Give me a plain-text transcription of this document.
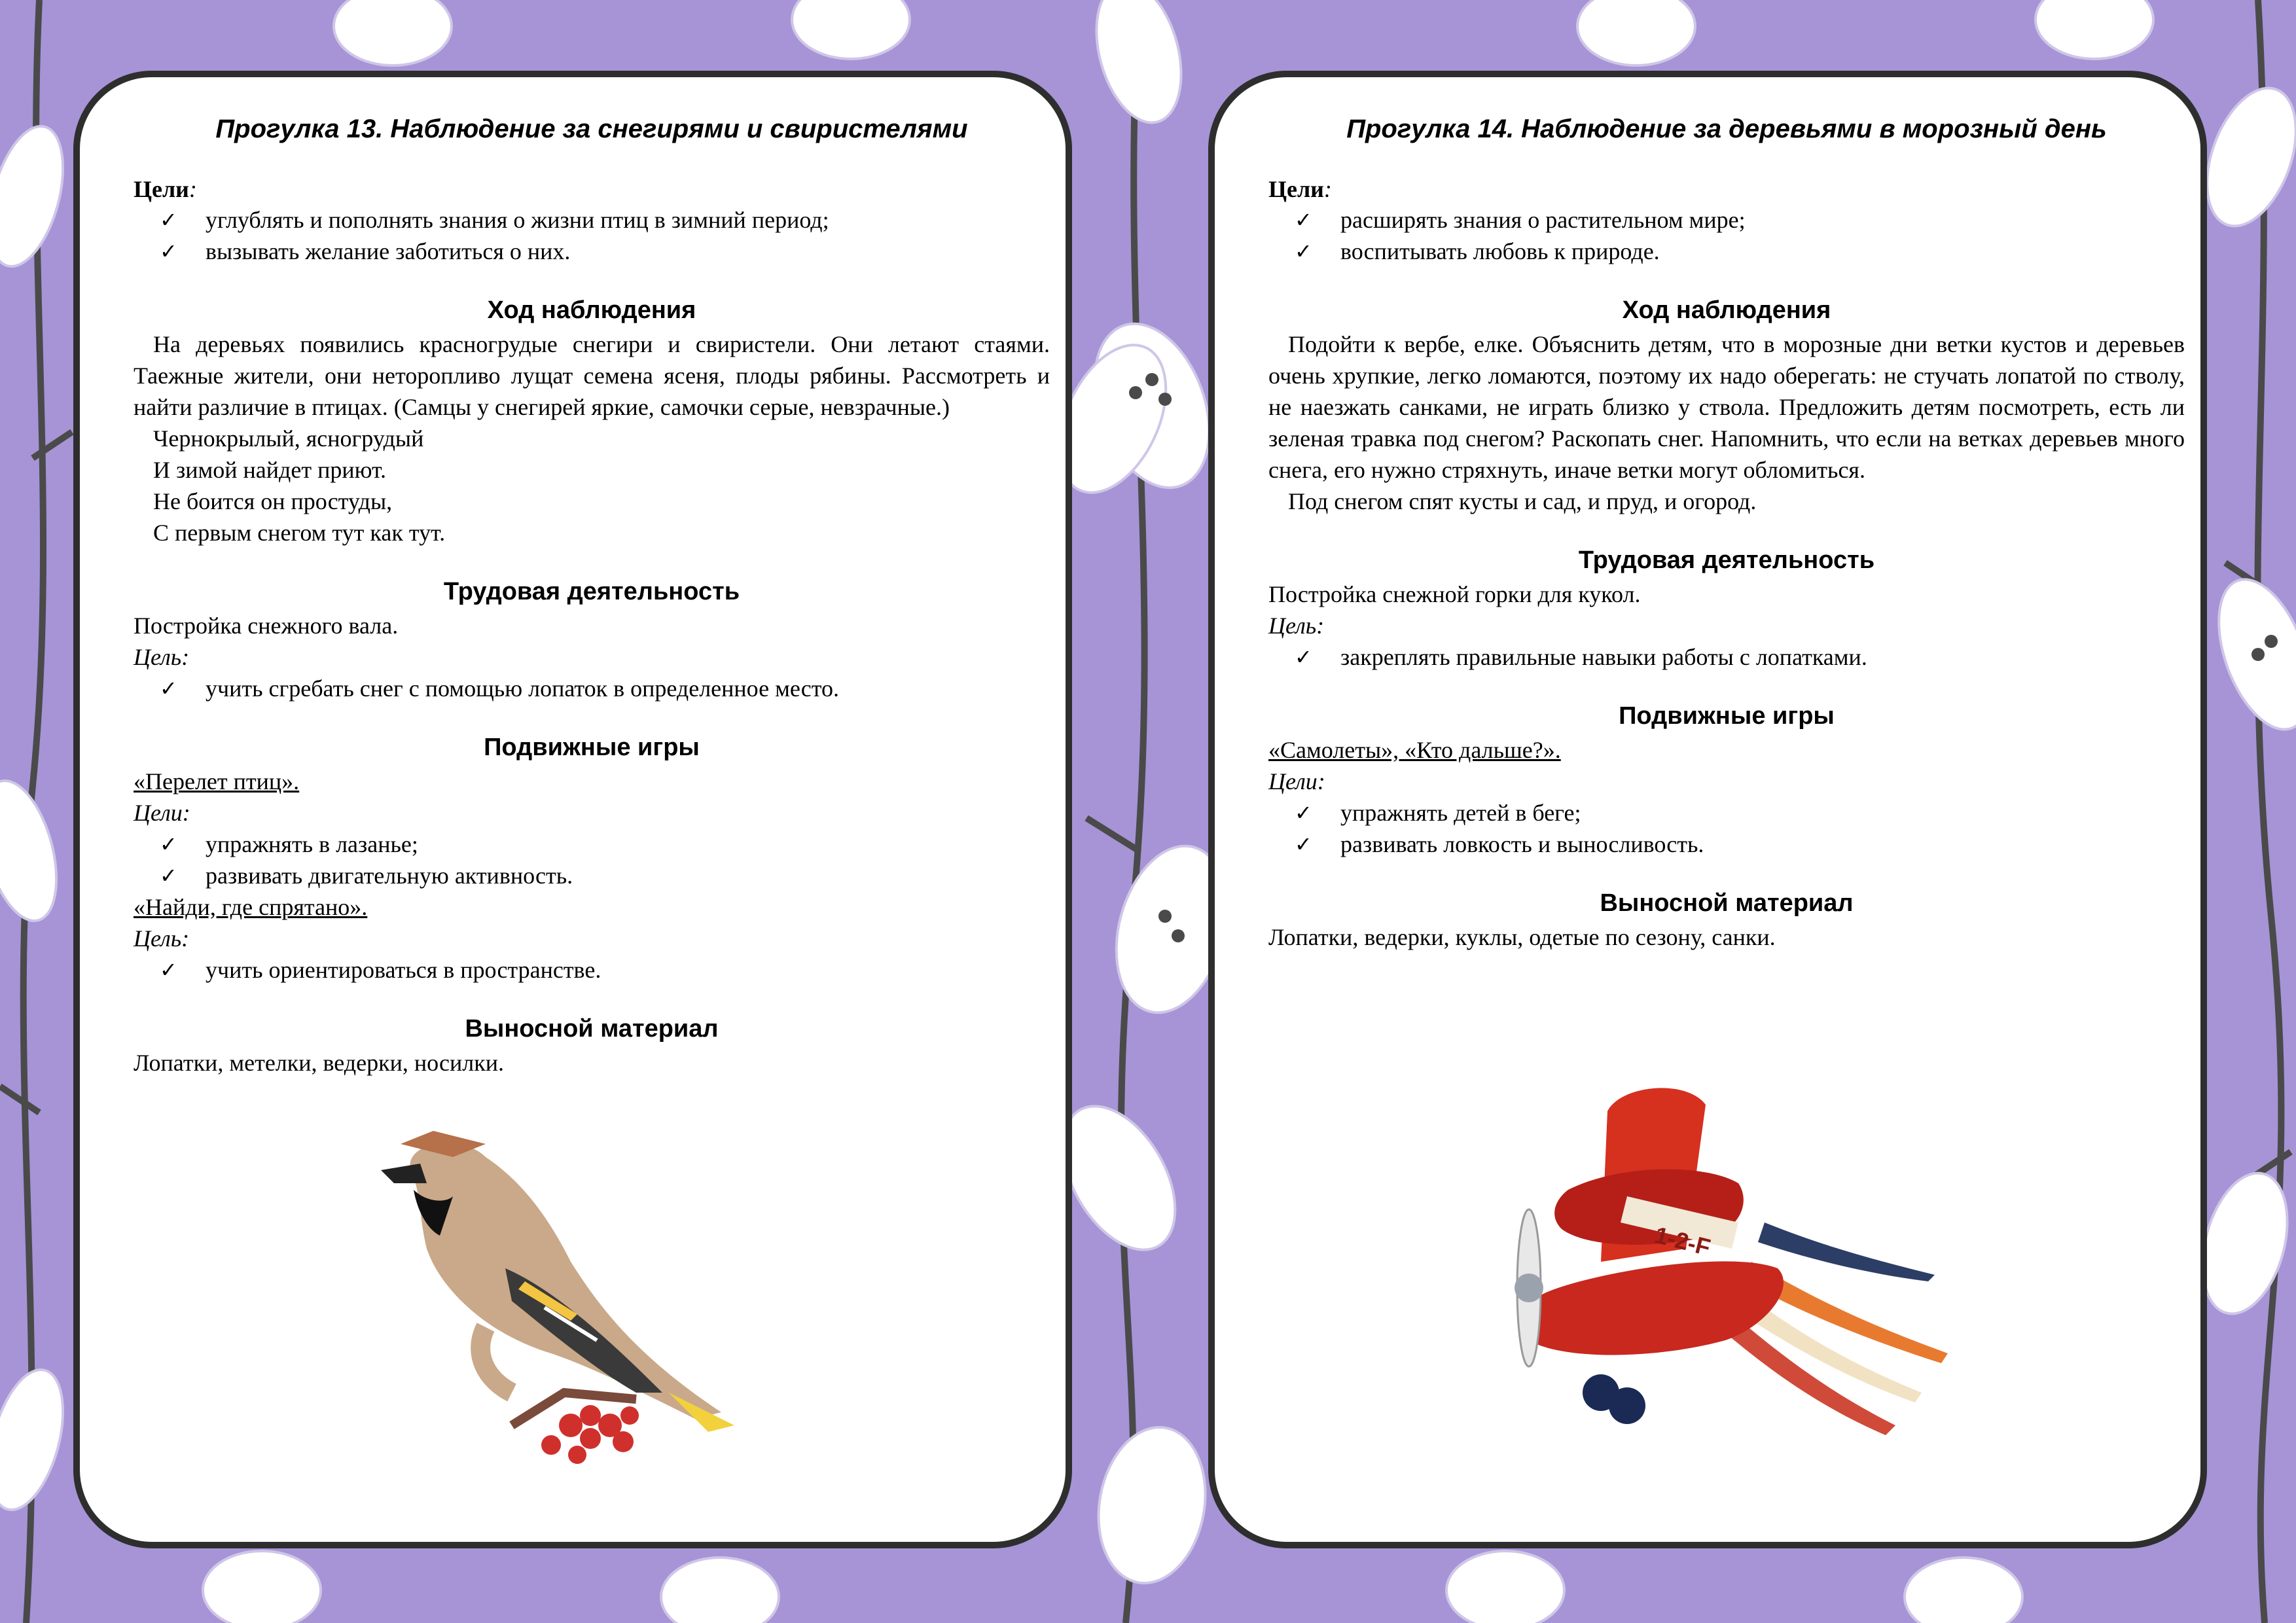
Прогулка 13. Наблюдение за снегирями и свиристелями

Цели:

✓ углублять и пополнять знания о жизни птиц в зимний период;
✓ вызывать желание заботиться о них.
Ход наблюдения

На деревьях появились красногрудые снегири и свиристели. Они летают стаями. Таежные жители, они неторопливо лущат семена ясеня, плоды рябины. Рассмотреть и найти различие в птицах. (Самцы у снегирей яркие, самочки серые, невзрачные.)

Чернокрылый, ясногрудый

И зимой найдет приют.

Не боится он простуды,

С первым снегом тут как тут.

Трудовая деятельность

Постройка снежного вала.

Цель:

✓ учить сгребать снег с помощью лопаток в определенное место.
Подвижные игры

«Перелет птиц».

Цели:

✓ упражнять в лазанье;
✓ развивать двигательную активность.

«Найди, где спрятано».

Цель:

✓ учить ориентироваться в пространстве.
Выносной материал

Лопатки, метелки, ведерки, носилки.

Прогулка 14. Наблюдение за деревьями в морозный день

Цели:

✓ расширять знания о растительном мире;
✓ воспитывать любовь к природе.
Ход наблюдения

Подойти к вербе, елке. Объяснить детям, что в морозные дни ветки кустов и деревьев очень хрупкие, легко ломаются, поэтому их надо оберегать: не стучать лопатой по стволу, не наезжать санками, не играть близко у ствола. Предложить детям посмотреть, есть ли зеленая травка под снегом? Раскопать снег. Напомнить, что если на ветках деревьев много снега, его нужно стряхнуть, иначе ветки могут обломиться.

Под снегом спят кусты и сад, и пруд, и огород.

Трудовая деятельность

Постройка снежной горки для кукол.

Цель:

✓ закреплять правильные навыки работы с лопатками.
Подвижные игры

«Самолеты», «Кто дальше?».

Цели:

✓ упражнять детей в беге;
✓ развивать ловкость и выносливость.
Выносной материал

Лопатки, ведерки, куклы, одетые по сезону, санки.

1-2-F
